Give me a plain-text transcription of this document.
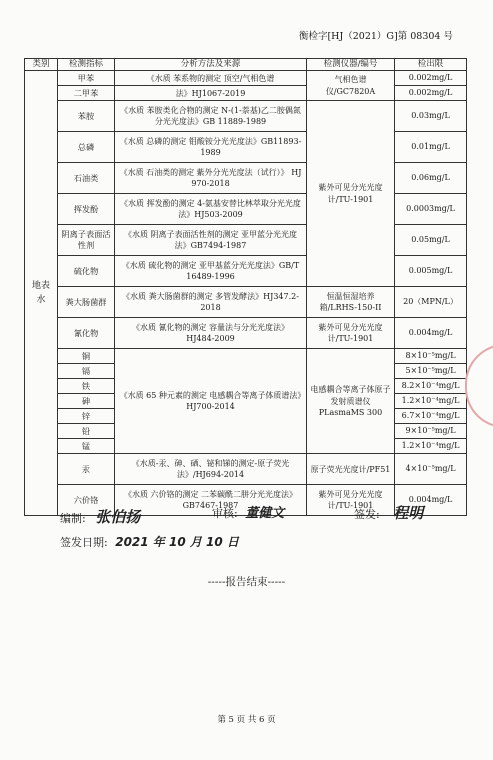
衡检字[HJ（2021）G]第 08304 号
类别	检测指标	分析方法及来源	检测仪器/编号	检出限
地表水	甲苯	《水质 苯系物的测定 顶空/气相色谱	气相色谱仪/GC7820A	0.002mg/L
	二甲苯	法》HJ1067-2019		0.002mg/L
	苯胺	《水质 苯胺类化合物的测定 N-(1-萘基)乙二胺偶氮分光光度法》GB 11889-1989	紫外可见分光光度计/TU-1901	0.03mg/L
	总磷	《水质 总磷的测定 钼酸铵分光光度法》GB11893-1989		0.01mg/L
	石油类	《水质 石油类的测定 紫外分光光度法（试行）》 HJ 970-2018		0.06mg/L
	挥发酚	《水质 挥发酚的测定 4-氨基安替比林萃取分光光度法》HJ503-2009		0.0003mg/L
	阴离子表面活性剂	《水质 阴离子表面活性剂的测定 亚甲蓝分光光度法》GB7494-1987		0.05mg/L
	硫化物	《水质 硫化物的测定 亚甲基蓝分光光度法》GB/T 16489-1996		0.005mg/L
	粪大肠菌群	《水质 粪大肠菌群的测定 多管发酵法》HJ347.2-2018	恒温恒湿培养箱/LRHS-150-II	20（MPN/L）
	氰化物	《水质 氰化物的测定 容量法与分光光度法》HJ484-2009	紫外可见分光光度计/TU-1901	0.004mg/L
	铜	《水质 65 种元素的测定 电感耦合等离子体质谱法》HJ700-2014	电感耦合等离子体原子发射质谱仪PLasmaMS 300	8×10⁻⁵mg/L
	镉			5×10⁻⁵mg/L
	铁			8.2×10⁻⁴mg/L
	砷			1.2×10⁻⁴mg/L
	锌			6.7×10⁻⁴mg/L
	铅			9×10⁻⁵mg/L
	锰			1.2×10⁻⁴mg/L
	汞	《水质-汞、砷、硒、铋和锑的测定-原子荧光法》/HJ694-2014	原子荧光光度计/PF51	4×10⁻⁵mg/L
	六价铬	《水质 六价铬的测定 二苯碳酰二肼分光光度法》GB7467-1987	紫外可见分光光度计/TU-1901	0.004mg/L
编制: 张伯扬	审核: 董健文	签发: 程明
签发日期: 2021 年 10 月 10 日
-----报告结束-----
第 5 页 共 6 页
